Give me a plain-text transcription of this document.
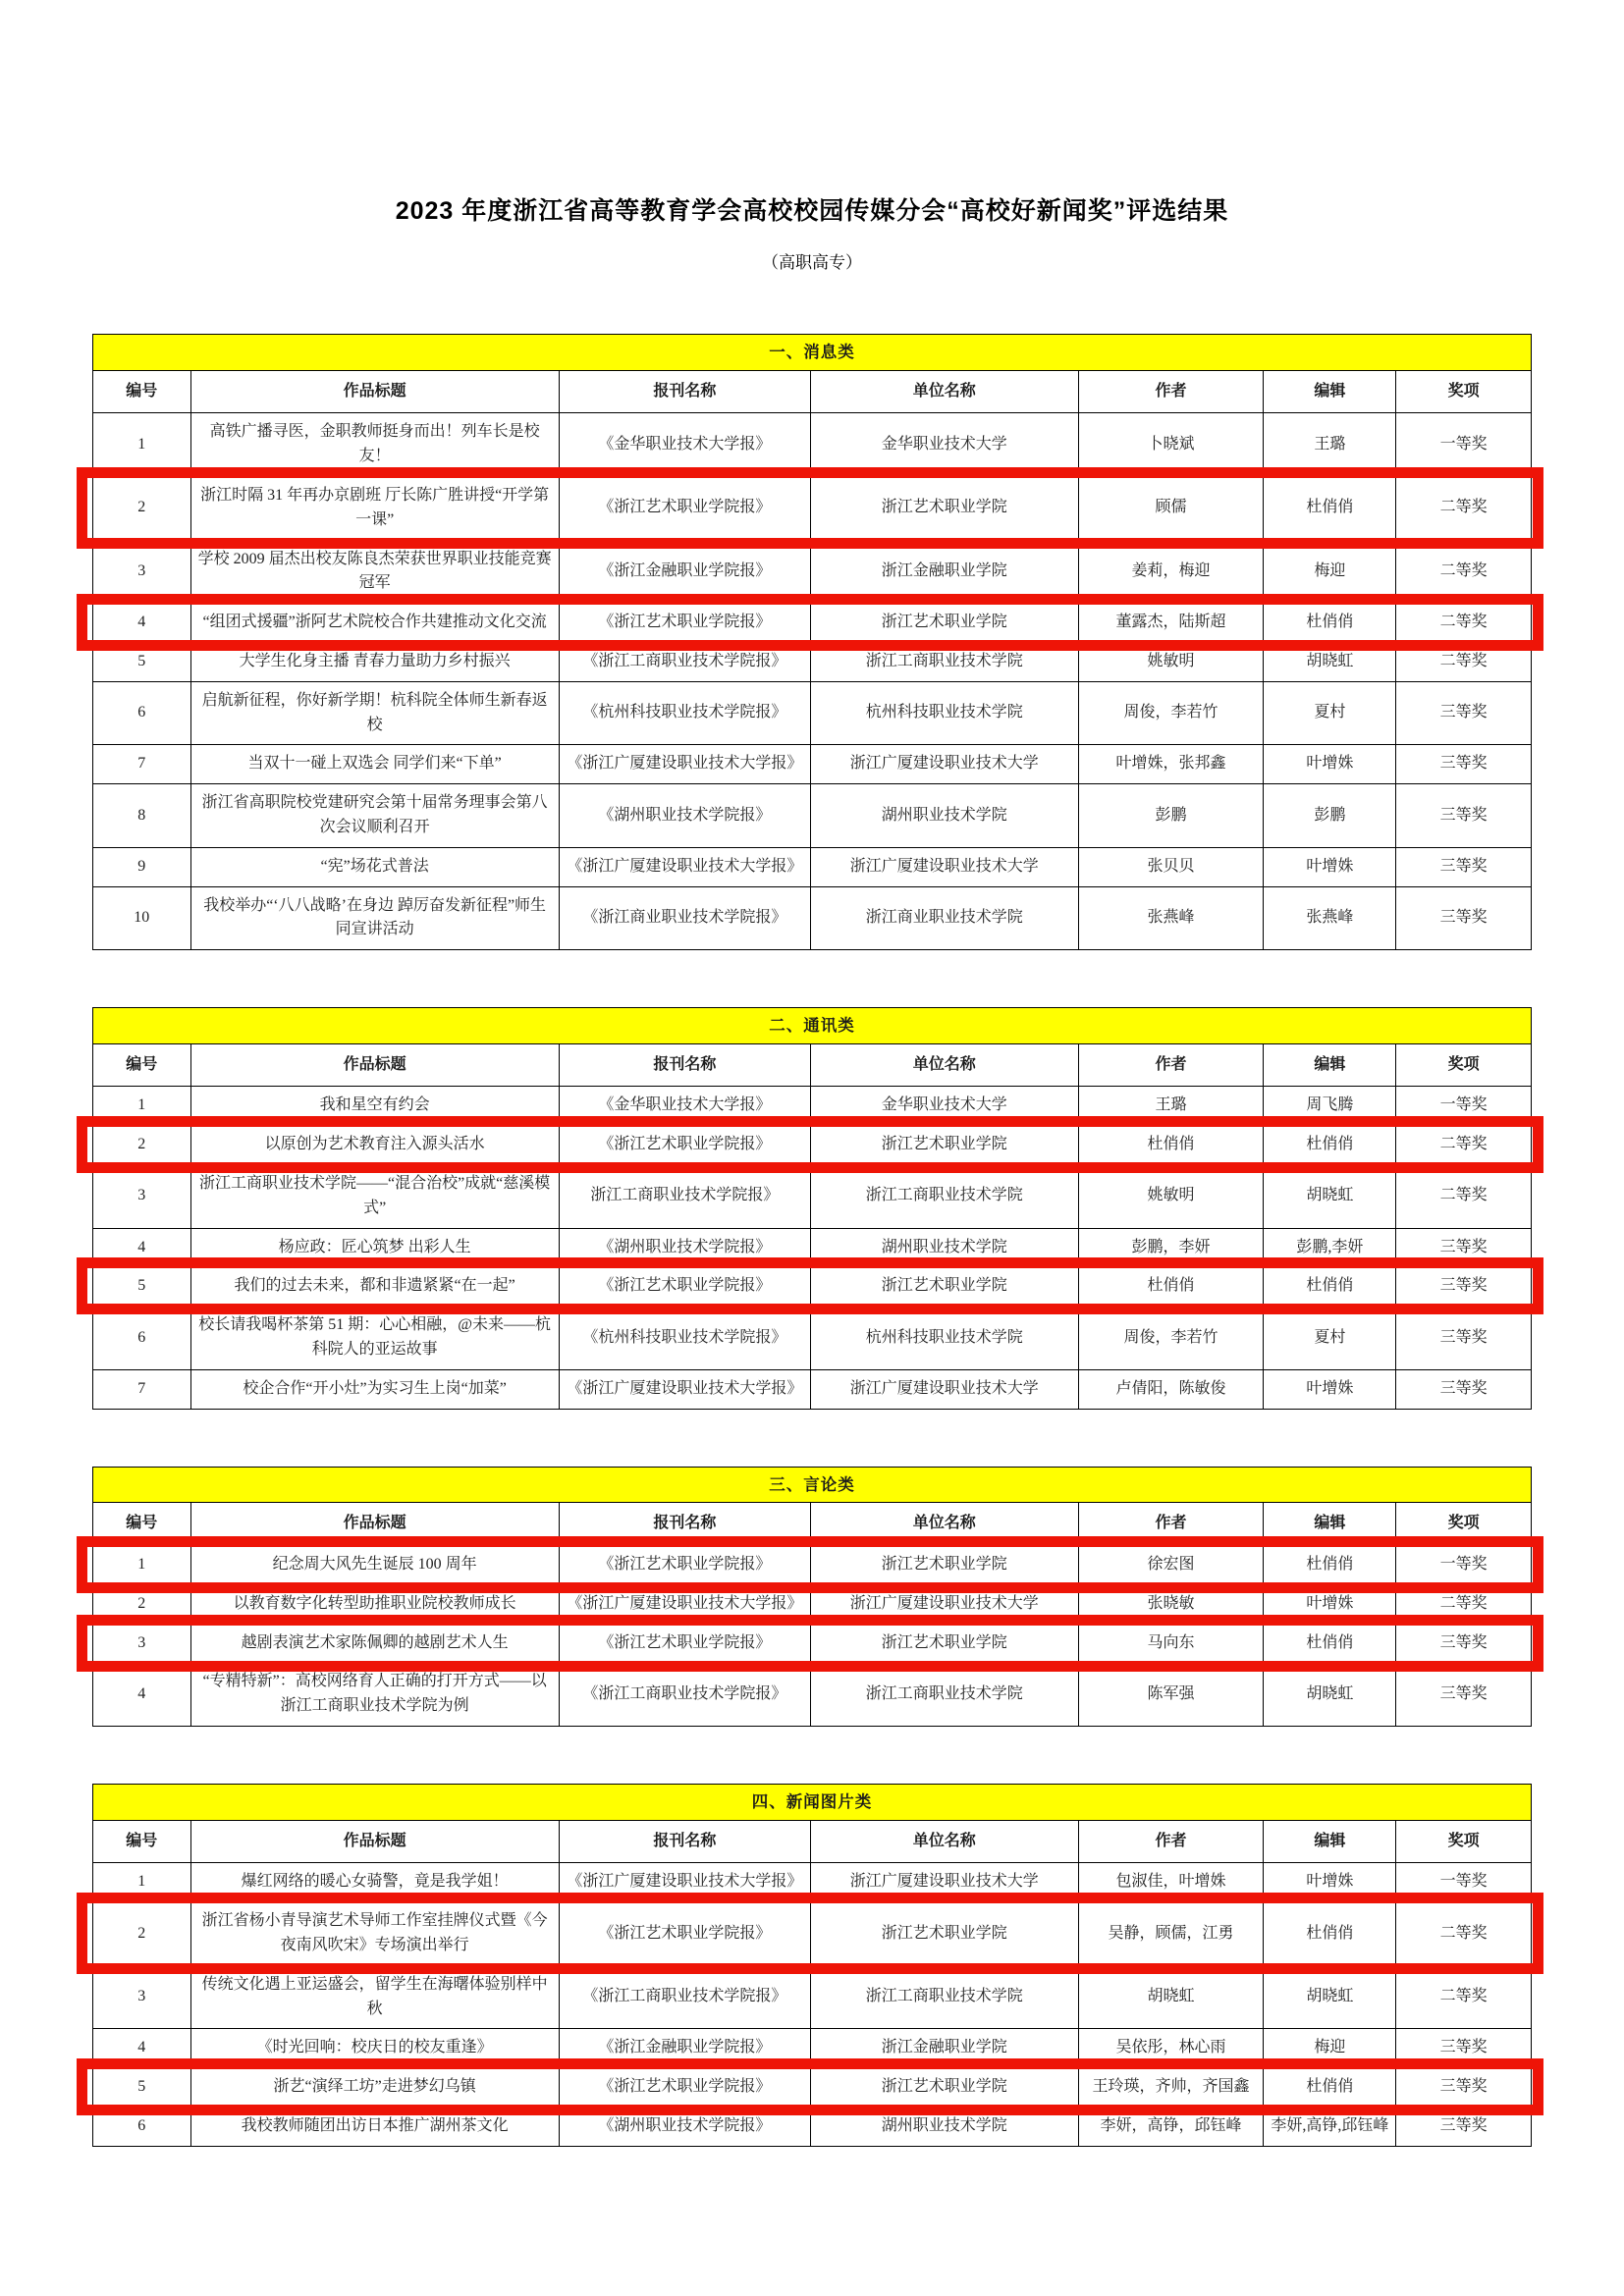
2023 年度浙江省高等教育学会高校校园传媒分会“高校好新闻奖”评选结果
（高职高专）
一、消息类						
编号	作品标题	报刊名称	单位名称	作者	编辑	奖项
1	高铁广播寻医，金职教师挺身而出！列车长是校友！	《金华职业技术大学报》	金华职业技术大学	卜晓斌	王璐	一等奖
2	浙江时隔 31 年再办京剧班 厅长陈广胜讲授“开学第一课”	《浙江艺术职业学院报》	浙江艺术职业学院	顾儒	杜俏俏	二等奖
3	学校 2009 届杰出校友陈良杰荣获世界职业技能竞赛冠军	《浙江金融职业学院报》	浙江金融职业学院	姜莉，梅迎	梅迎	二等奖
4	“组团式援疆”浙阿艺术院校合作共建推动文化交流	《浙江艺术职业学院报》	浙江艺术职业学院	董露杰，陆斯超	杜俏俏	二等奖
5	大学生化身主播 青春力量助力乡村振兴	《浙江工商职业技术学院报》	浙江工商职业技术学院	姚敏明	胡晓虹	二等奖
6	启航新征程，你好新学期！杭科院全体师生新春返校	《杭州科技职业技术学院报》	杭州科技职业技术学院	周俊，李若竹	夏村	三等奖
7	当双十一碰上双选会 同学们来“下单”	《浙江广厦建设职业技术大学报》	浙江广厦建设职业技术大学	叶增姝，张邦鑫	叶增姝	三等奖
8	浙江省高职院校党建研究会第十届常务理事会第八次会议顺利召开	《湖州职业技术学院报》	湖州职业技术学院	彭鹏	彭鹏	三等奖
9	“宪”场花式普法	《浙江广厦建设职业技术大学报》	浙江广厦建设职业技术大学	张贝贝	叶增姝	三等奖
10	我校举办“‘八八战略’在身边 踔厉奋发新征程”师生同宣讲活动	《浙江商业职业技术学院报》	浙江商业职业技术学院	张燕峰	张燕峰	三等奖
二、通讯类						
编号	作品标题	报刊名称	单位名称	作者	编辑	奖项
1	我和星空有约会	《金华职业技术大学报》	金华职业技术大学	王璐	周飞腾	一等奖
2	以原创为艺术教育注入源头活水	《浙江艺术职业学院报》	浙江艺术职业学院	杜俏俏	杜俏俏	二等奖
3	浙江工商职业技术学院——“混合治校”成就“慈溪模式”	浙江工商职业技术学院报》	浙江工商职业技术学院	姚敏明	胡晓虹	二等奖
4	杨应政：匠心筑梦 出彩人生	《湖州职业技术学院报》	湖州职业技术学院	彭鹏，李妍	彭鹏,李妍	三等奖
5	我们的过去未来，都和非遗紧紧“在一起”	《浙江艺术职业学院报》	浙江艺术职业学院	杜俏俏	杜俏俏	三等奖
6	校长请我喝杯茶第 51 期：心心相融，@未来——杭科院人的亚运故事	《杭州科技职业技术学院报》	杭州科技职业技术学院	周俊，李若竹	夏村	三等奖
7	校企合作“开小灶”为实习生上岗“加菜”	《浙江广厦建设职业技术大学报》	浙江广厦建设职业技术大学	卢倩阳，陈敏俊	叶增姝	三等奖
三、言论类						
编号	作品标题	报刊名称	单位名称	作者	编辑	奖项
1	纪念周大风先生诞辰 100 周年	《浙江艺术职业学院报》	浙江艺术职业学院	徐宏图	杜俏俏	一等奖
2	以教育数字化转型助推职业院校教师成长	《浙江广厦建设职业技术大学报》	浙江广厦建设职业技术大学	张晓敏	叶增姝	二等奖
3	越剧表演艺术家陈佩卿的越剧艺术人生	《浙江艺术职业学院报》	浙江艺术职业学院	马向东	杜俏俏	三等奖
4	“专精特新”：高校网络育人正确的打开方式——以浙江工商职业技术学院为例	《浙江工商职业技术学院报》	浙江工商职业技术学院	陈军强	胡晓虹	三等奖
四、新闻图片类						
编号	作品标题	报刊名称	单位名称	作者	编辑	奖项
1	爆红网络的暖心女骑警，竟是我学姐！	《浙江广厦建设职业技术大学报》	浙江广厦建设职业技术大学	包淑佳，叶增姝	叶增姝	一等奖
2	浙江省杨小青导演艺术导师工作室挂牌仪式暨《今夜南风吹宋》专场演出举行	《浙江艺术职业学院报》	浙江艺术职业学院	吴静，顾儒，江勇	杜俏俏	二等奖
3	传统文化遇上亚运盛会，留学生在海曙体验别样中秋	《浙江工商职业技术学院报》	浙江工商职业技术学院	胡晓虹	胡晓虹	二等奖
4	《时光回响：校庆日的校友重逢》	《浙江金融职业学院报》	浙江金融职业学院	吴依彤，林心雨	梅迎	三等奖
5	浙艺“演绎工坊”走进梦幻乌镇	《浙江艺术职业学院报》	浙江艺术职业学院	王玲瑛，齐帅，齐国鑫	杜俏俏	三等奖
6	我校教师随团出访日本推广湖州茶文化	《湖州职业技术学院报》	湖州职业技术学院	李妍，高铮，邱钰峰	李妍,高铮,邱钰峰	三等奖
